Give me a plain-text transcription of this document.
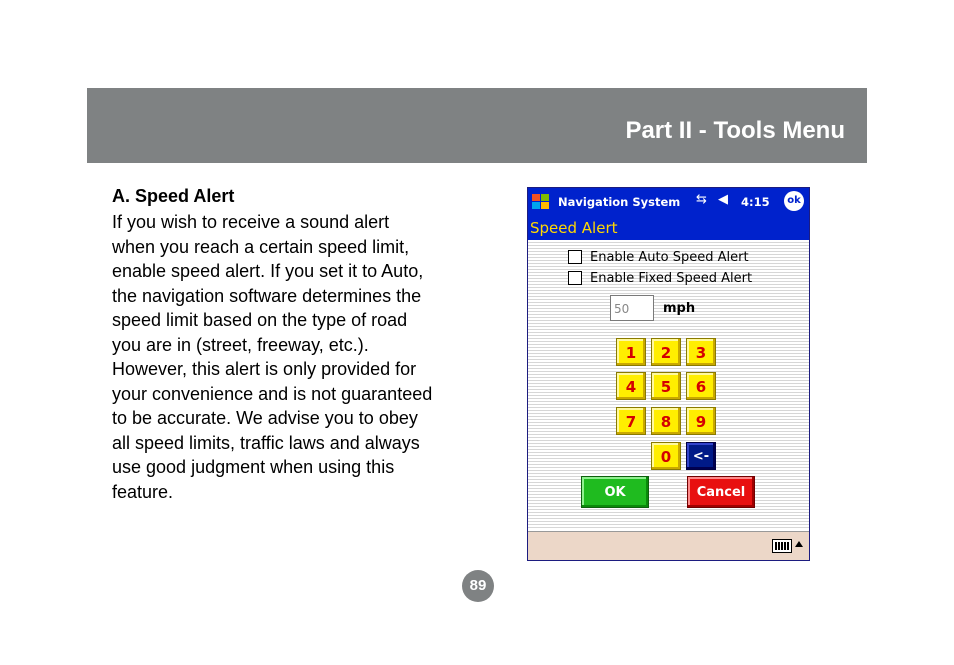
Part II - Tools Menu
A. Speed Alert
If you wish to receive a sound alert
when you reach a certain speed limit,
enable speed alert. If you set it to Auto,
the navigation software determines the
speed limit based on the type of road
you are in (street, freeway, etc.).
However, this alert is only provided for
your convenience and is not guaranteed
to be accurate. We advise you to obey
all speed limits, traffic laws and always
use good judgment when using this
feature.
Navigation System ⇆ ◀︎ 4:15	ok
Speed Alert
Enable Auto Speed Alert
Enable Fixed Speed Alert
50	mph
1	2	3
4	5	6
7	8	9
0	<-
OK	Cancel
89
